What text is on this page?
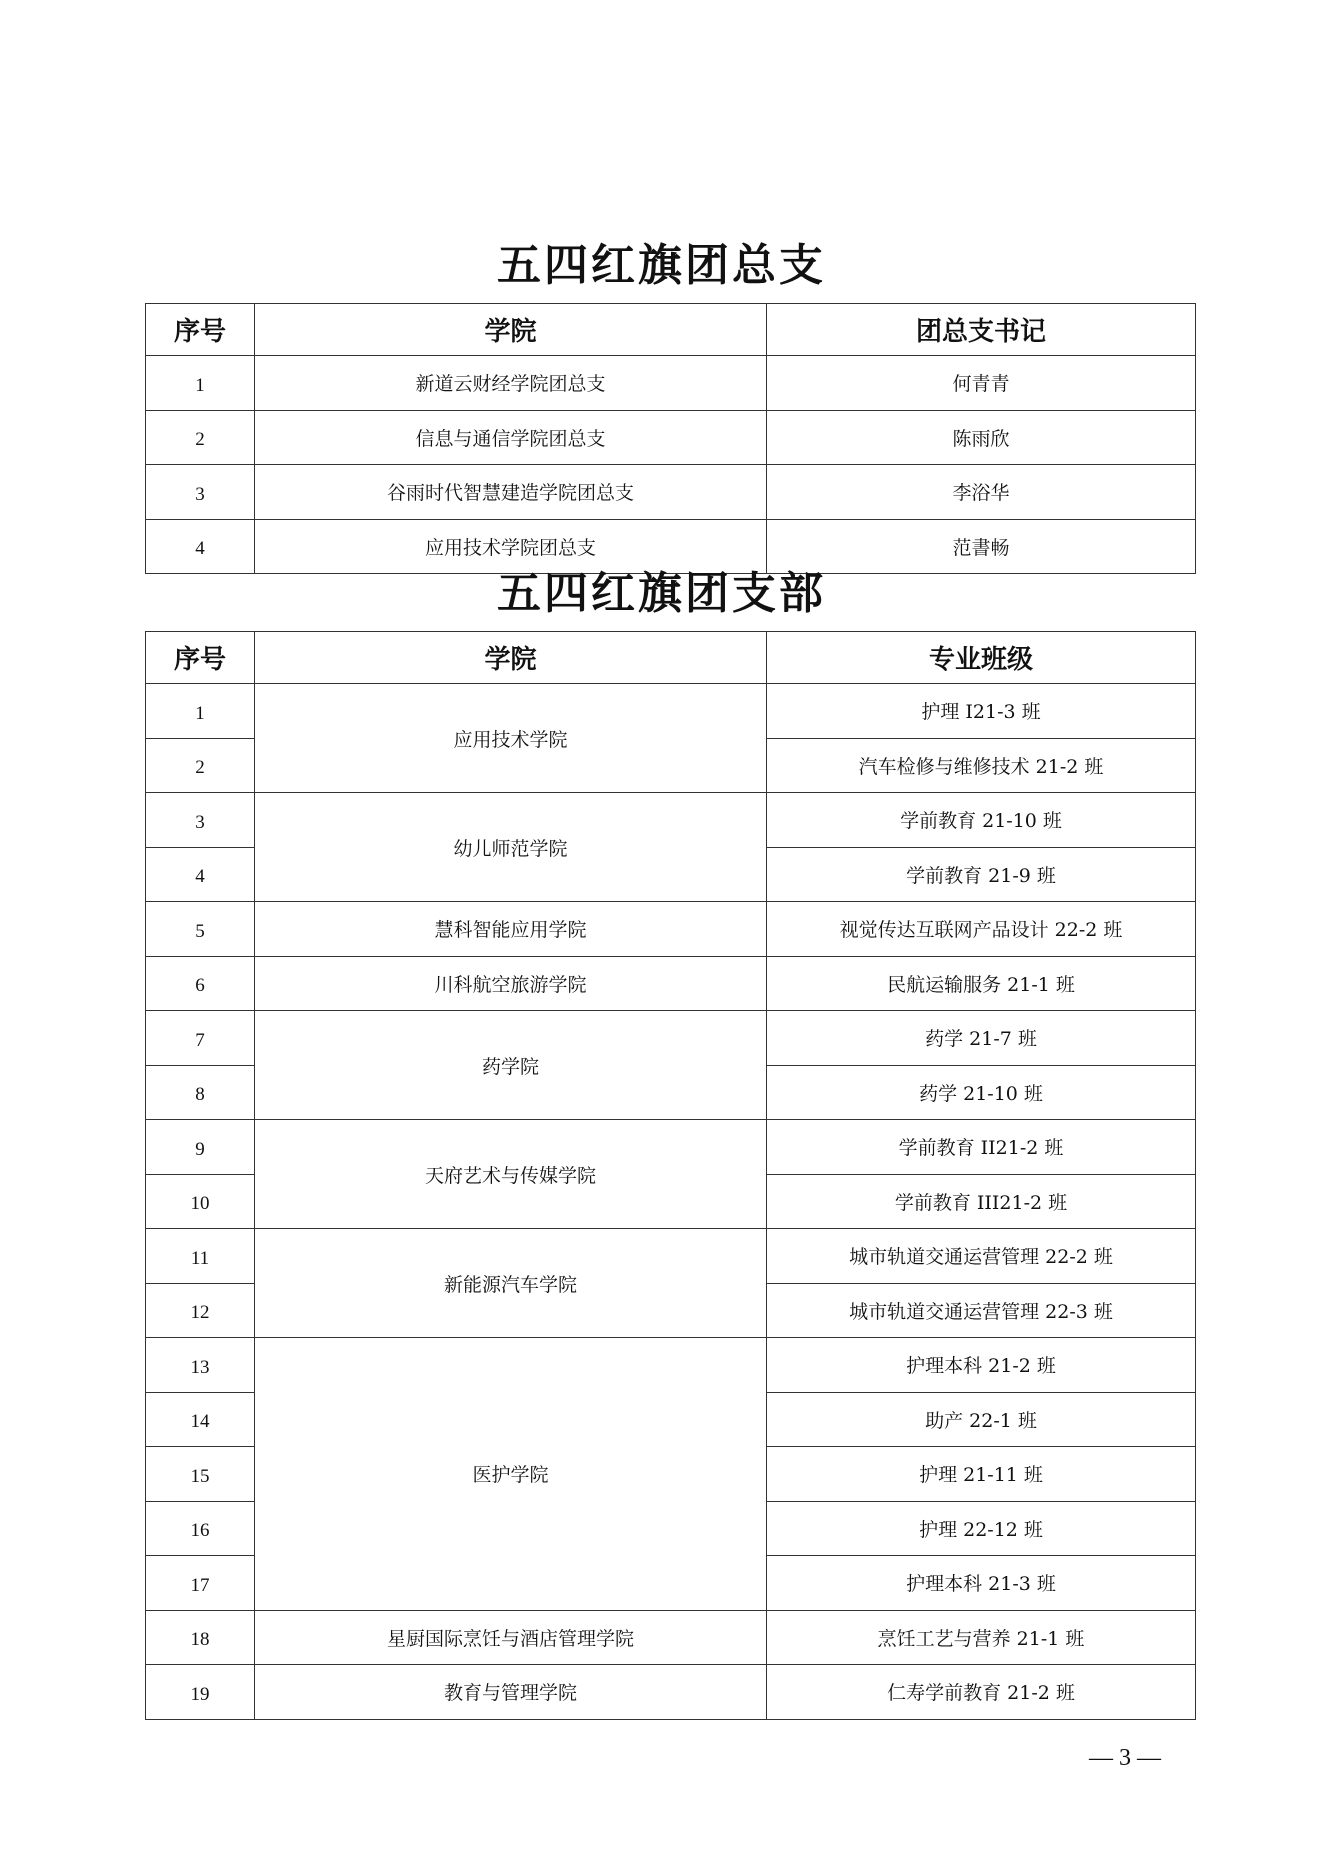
五四红旗团总支
序号	学院	团总支书记
1	新道云财经学院团总支	何青青
2	信息与通信学院团总支	陈雨欣
3	谷雨时代智慧建造学院团总支	李浴华
4	应用技术学院团总支	范書畅
五四红旗团支部
序号	学院	专业班级
1	应用技术学院	护理 I21-3 班
2		汽车检修与维修技术 21-2 班
3	幼儿师范学院	学前教育 21-10 班
4		学前教育 21-9 班
5	慧科智能应用学院	视觉传达互联网产品设计 22-2 班
6	川科航空旅游学院	民航运输服务 21-1 班
7	药学院	药学 21-7 班
8		药学 21-10 班
9	天府艺术与传媒学院	学前教育 II21-2 班
10		学前教育 III21-2 班
11	新能源汽车学院	城市轨道交通运营管理 22-2 班
12		城市轨道交通运营管理 22-3 班
13	医护学院	护理本科 21-2 班
14		助产 22-1 班
15		护理 21-11 班
16		护理 22-12 班
17		护理本科 21-3 班
18	星厨国际烹饪与酒店管理学院	烹饪工艺与营养 21-1 班
19	教育与管理学院	仁寿学前教育 21-2 班
— 3 —
